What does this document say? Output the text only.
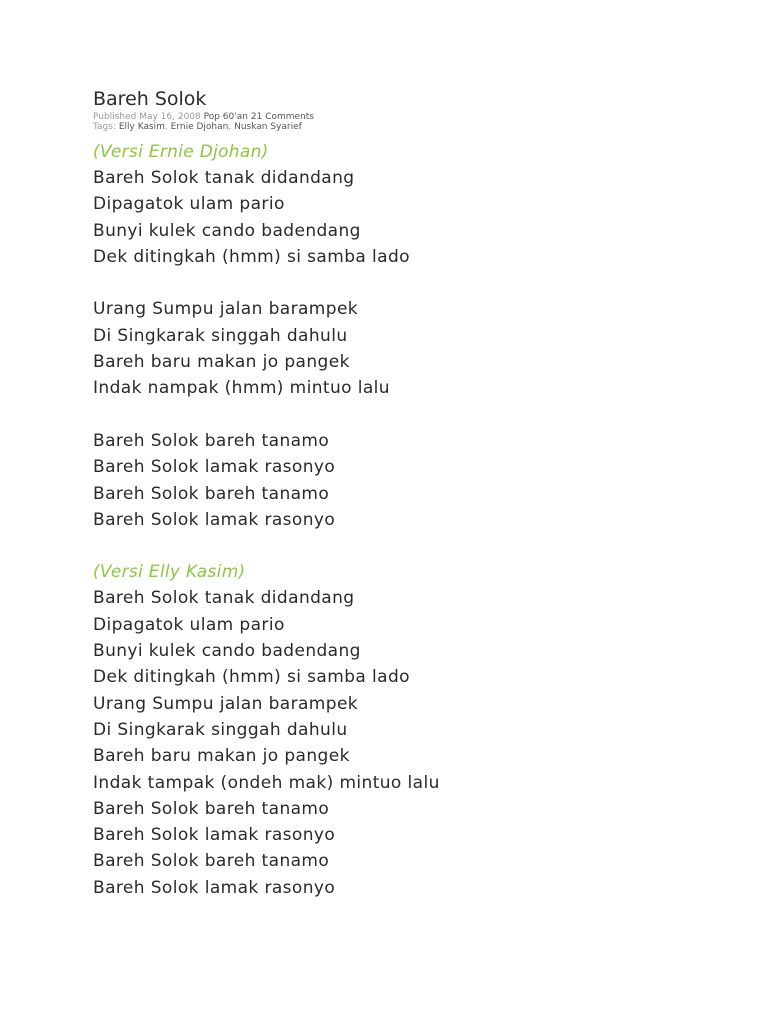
Bareh Solok
Published May 16, 2008 Pop 60'an 21 Comments
Tags: Elly Kasim, Ernie Djohan, Nuskan Syarief
(Versi Ernie Djohan)
Bareh Solok tanak didandang
Dipagatok ulam pario
Bunyi kulek cando badendang
Dek ditingkah (hmm) si samba lado
Urang Sumpu jalan barampek
Di Singkarak singgah dahulu
Bareh baru makan jo pangek
Indak nampak (hmm) mintuo lalu
Bareh Solok bareh tanamo
Bareh Solok lamak rasonyo
Bareh Solok bareh tanamo
Bareh Solok lamak rasonyo
(Versi Elly Kasim)
Bareh Solok tanak didandang
Dipagatok ulam pario
Bunyi kulek cando badendang
Dek ditingkah (hmm) si samba lado
Urang Sumpu jalan barampek
Di Singkarak singgah dahulu
Bareh baru makan jo pangek
Indak tampak (ondeh mak) mintuo lalu
Bareh Solok bareh tanamo
Bareh Solok lamak rasonyo
Bareh Solok bareh tanamo
Bareh Solok lamak rasonyo
